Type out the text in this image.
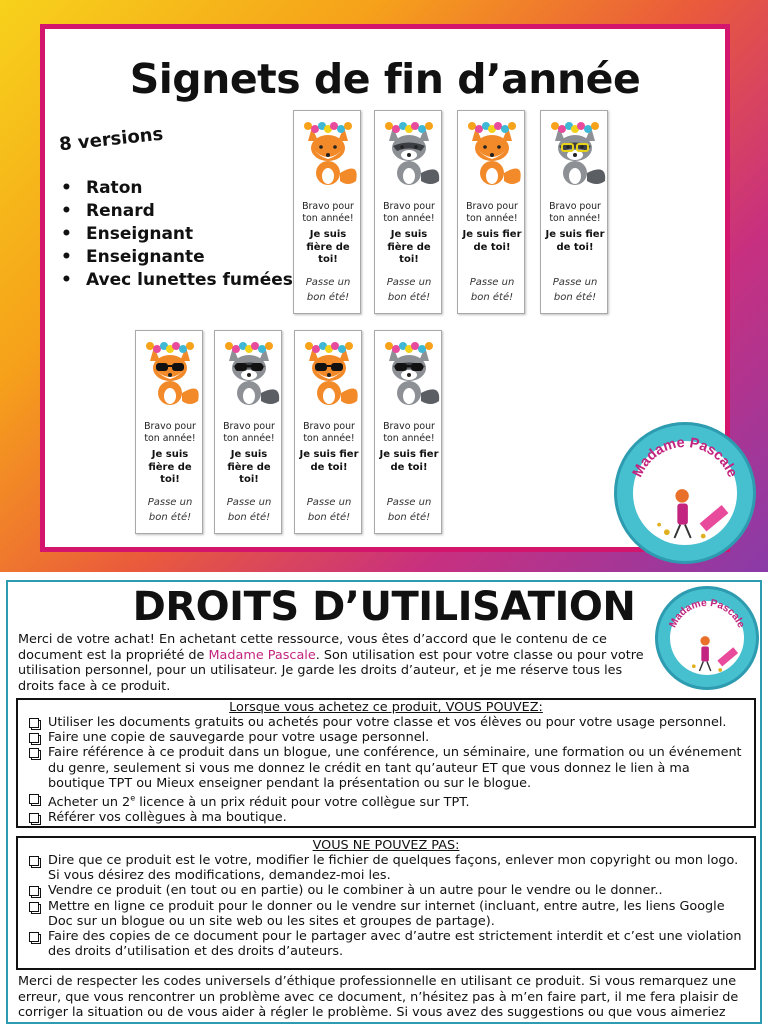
Signets de fin d’année
8 versions
• Raton
• Renard
• Enseignant
• Enseignante
• Avec lunettes fumées
Bravo pour ton année!
Je suis fière de toi!
Passe un bon été!
Bravo pour ton année!
Je suis fière de toi!
Passe un bon été!
Bravo pour ton année!
Je suis fier de toi!
Passe un bon été!
Bravo pour ton année!
Je suis fier de toi!
Passe un bon été!
Bravo pour ton année!
Je suis fière de toi!
Passe un bon été!
Bravo pour ton année!
Je suis fière de toi!
Passe un bon été!
Bravo pour ton année!
Je suis fier de toi!
Passe un bon été!
Bravo pour ton année!
Je suis fier de toi!
Passe un bon été!
Madame Pascale
DROITS D’UTILISATION	Madame Pascale
Merci de votre achat! En achetant cette ressource, vous êtes d’accord que le contenu de ce document est la propriété de Madame Pascale. Son utilisation est pour votre classe ou pour votre utilisation personnel, pour un utilisateur. Je garde les droits d’auteur, et je me réserve tous les droits face à ce produit.
Lorsque vous achetez ce produit, VOUS POUVEZ:
Utiliser les documents gratuits ou achetés pour votre classe et vos élèves ou pour votre usage personnel.
Faire une copie de sauvegarde pour votre usage personnel.
Faire référence à ce produit dans un blogue, une conférence, un séminaire, une formation ou un événement du genre, seulement si vous me donnez le crédit en tant qu’auteur ET que vous donnez le lien à ma boutique TPT ou Mieux enseigner pendant la présentation ou sur le blogue.
Acheter un 2e licence à un prix réduit pour votre collègue sur TPT.
Référer vos collègues à ma boutique.
VOUS NE POUVEZ PAS:
Dire que ce produit est le votre, modifier le fichier de quelques façons, enlever mon copyright ou mon logo. Si vous désirez des modifications, demandez-moi les.
Vendre ce produit (en tout ou en partie) ou le combiner à un autre pour le vendre ou le donner..
Mettre en ligne ce produit pour le donner ou le vendre sur internet (incluant, entre autre, les liens Google Doc sur un blogue ou un site web ou les sites et groupes de partage).
Faire des copies de ce document pour le partager avec d’autre est strictement interdit et c’est une violation des droits d’utilisation et des droits d’auteurs.
Merci de respecter les codes universels d’éthique professionnelle en utilisant ce produit. Si vous remarquez une erreur, que vous rencontrer un problème avec ce document, n’hésitez pas à m’en faire part, il me fera plaisir de corriger la situation ou de vous aider à régler le problème. Si vous avez des suggestions ou que vous aimeriez
